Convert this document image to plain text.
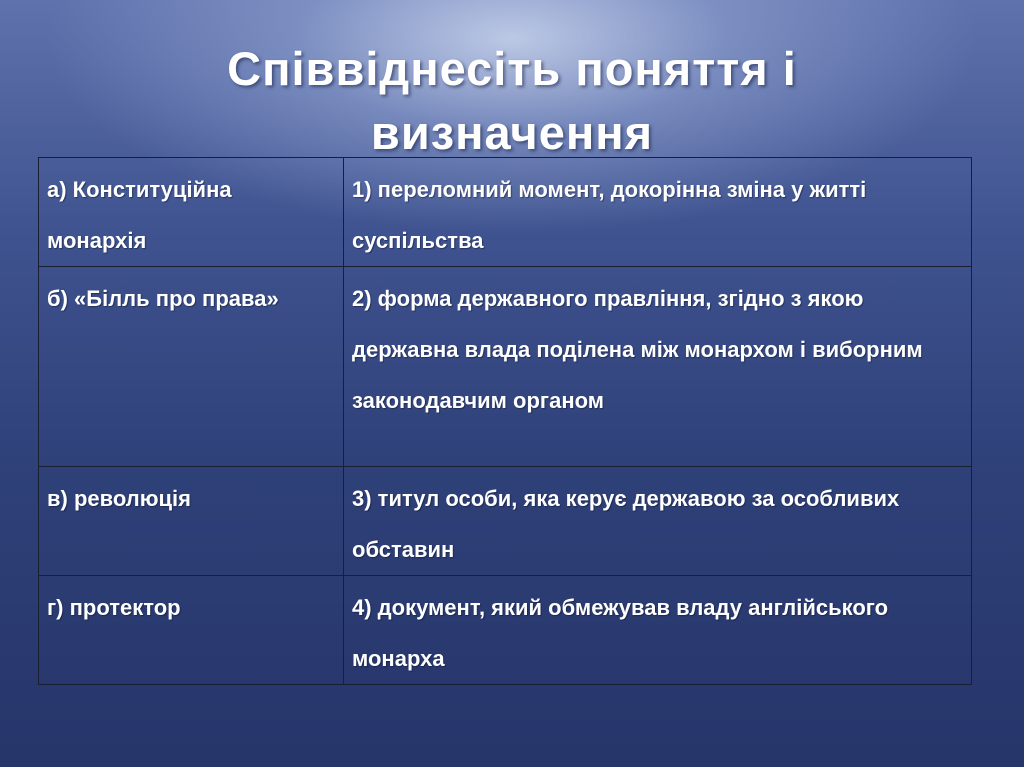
Співвіднесіть поняття і
визначення
а) Конституційна монархія	1) переломний момент, докорінна зміна у житті суспільства
б) «Білль про права»	2) форма державного правління, згідно з якою державна влада поділена між монархом і виборним законодавчим органом
в) революція	3) титул особи, яка керує державою за особливих обставин
г) протектор	4) документ, який обмежував владу англійського монарха
